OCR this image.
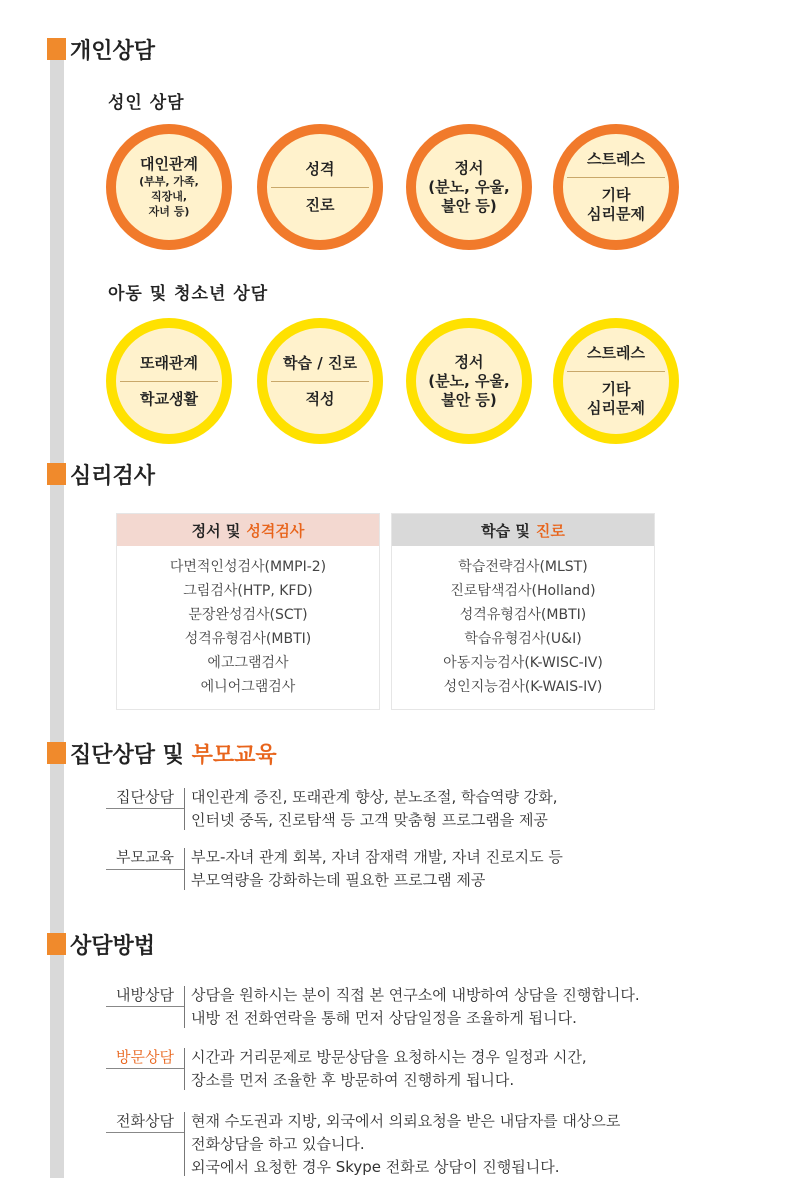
개인상담
성인 상담
대인관계
(부부, 가족,
직장내,
자녀 등)
성격
진로
정서
(분노, 우울,
불안 등)
스트레스
기타
심리문제
아동 및 청소년 상담
또래관계
학교생활
학습 / 진로
적성
정서
(분노, 우울,
불안 등)
스트레스
기타
심리문제
심리검사
정서 및 성격검사
다면적인성검사(MMPI-2)
그림검사(HTP, KFD)
문장완성검사(SCT)
성격유형검사(MBTI)
에고그램검사
에니어그램검사
학습 및 진로
학습전략검사(MLST)
진로탐색검사(Holland)
성격유형검사(MBTI)
학습유형검사(U&I)
아동지능검사(K-WISC-IV)
성인지능검사(K-WAIS-IV)
집단상담 및 부모교육
집단상담	대인관계 증진, 또래관계 향상, 분노조절, 학습역량 강화,
인터넷 중독, 진로탐색 등 고객 맞춤형 프로그램을 제공
부모교육	부모-자녀 관계 회복, 자녀 잠재력 개발, 자녀 진로지도 등
부모역량을 강화하는데 필요한 프로그램 제공
상담방법
내방상담	상담을 원하시는 분이 직접 본 연구소에 내방하여 상담을 진행합니다.
내방 전 전화연락을 통해 먼저 상담일정을 조율하게 됩니다.
방문상담	시간과 거리문제로 방문상담을 요청하시는 경우 일정과 시간,
장소를 먼저 조율한 후 방문하여 진행하게 됩니다.
전화상담	현재 수도권과 지방, 외국에서 의뢰요청을 받은 내담자를 대상으로
전화상담을 하고 있습니다.
외국에서 요청한 경우 Skype 전화로 상담이 진행됩니다.
